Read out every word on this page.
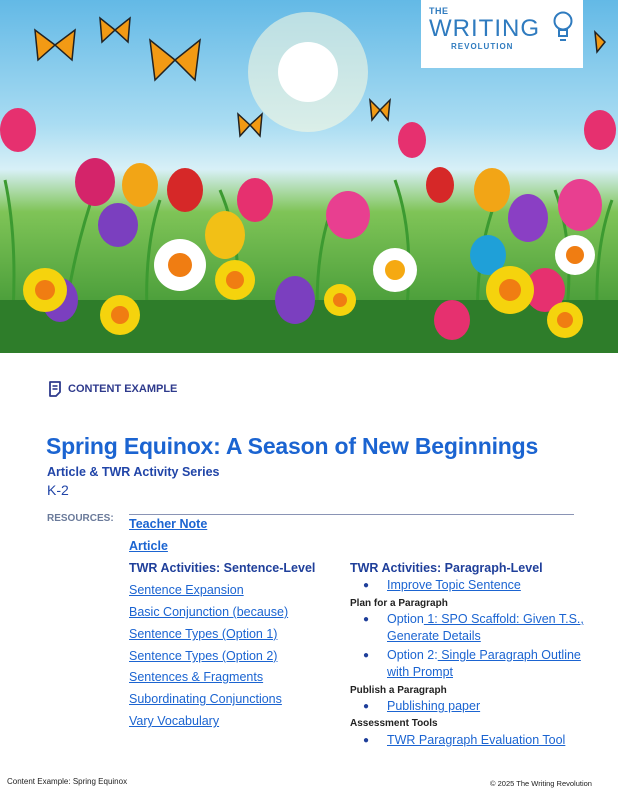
THE
WRITING
REVOLUTION
CONTENT EXAMPLE
Spring Equinox: A Season of New Beginnings
Article & TWR Activity Series
K-2
RESOURCES: Teacher Note
Article
TWR Activities: Sentence-Level
Sentence Expansion
Basic Conjunction (because)
Sentence Types (Option 1)
Sentence Types (Option 2)
Sentences & Fragments
Subordinating Conjunctions
Vary Vocabulary
TWR Activities: Paragraph-Level
● Improve Topic Sentence
Plan for a Paragraph
● Option 1: SPO Scaffold: Given T.S.,
Generate Details
● Option 2: Single Paragraph Outline
with Prompt
Publish a Paragraph
● Publishing paper
Assessment Tools
● TWR Paragraph Evaluation Tool
Content Example: Spring Equinox	© 2025 The Writing Revolution
